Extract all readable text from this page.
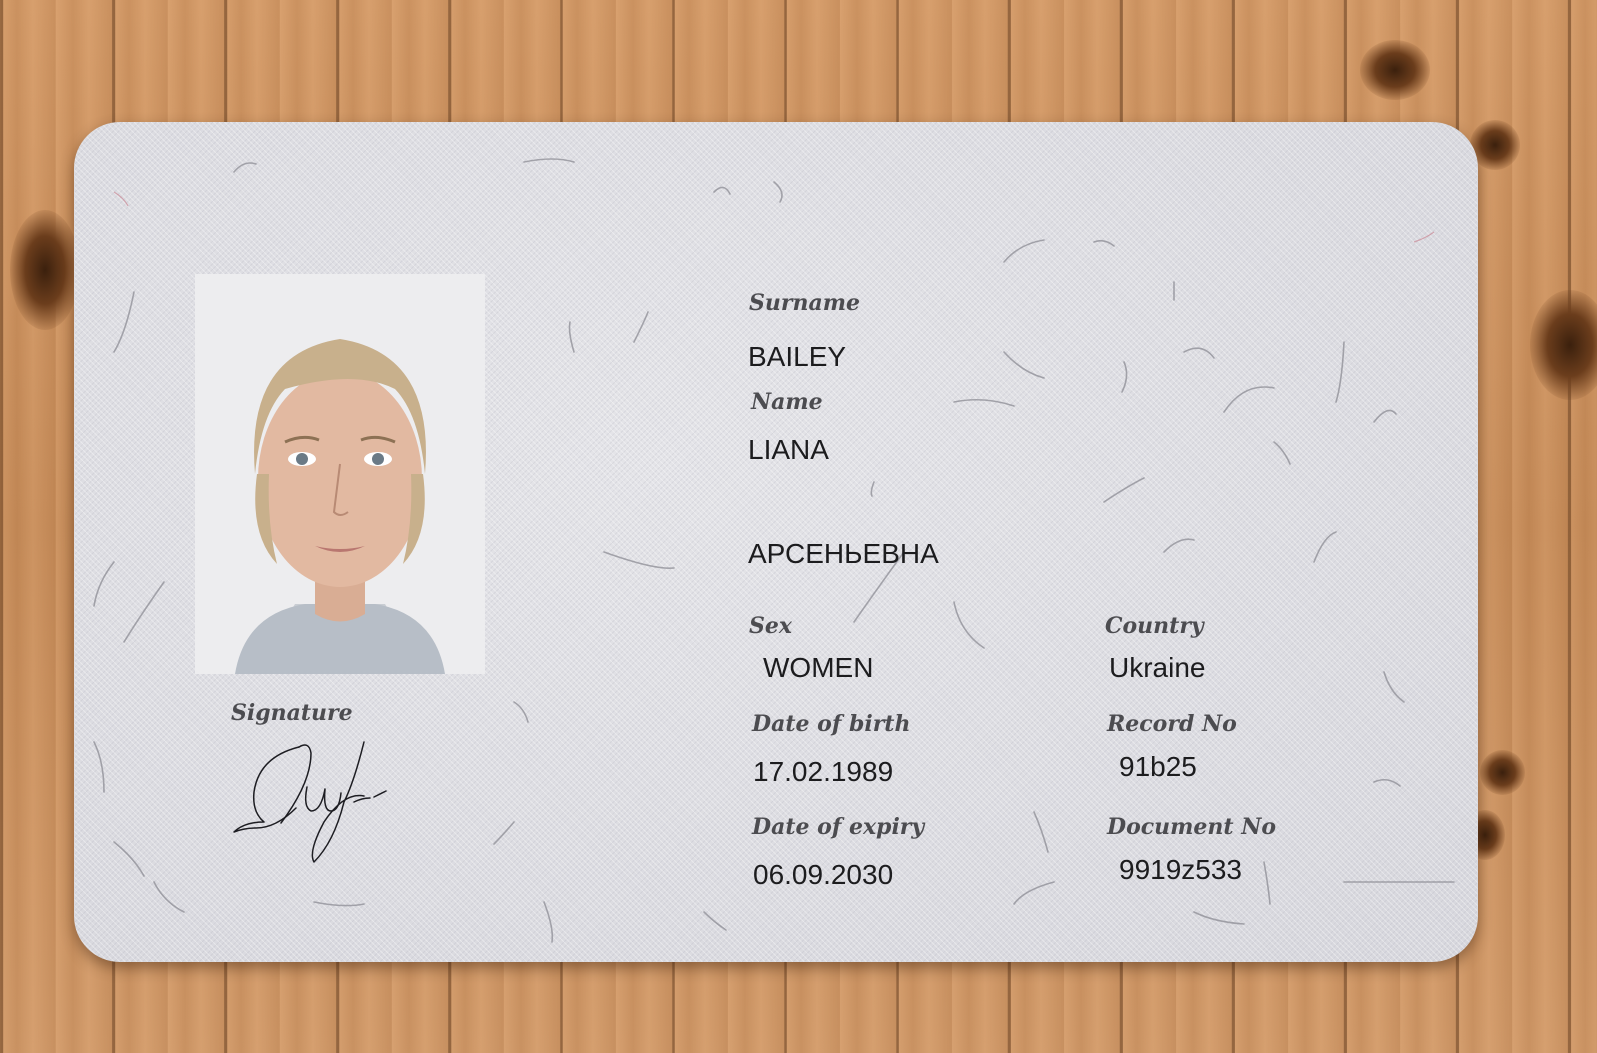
Surname
BAILEY
Name
LIANA
АРСЕНЬЕВНА
Sex
WOMEN
Country
Ukraine
Date of birth
17.02.1989
Record No
91b25
Date of expiry
06.09.2030
Document No
9919z533
Signature
